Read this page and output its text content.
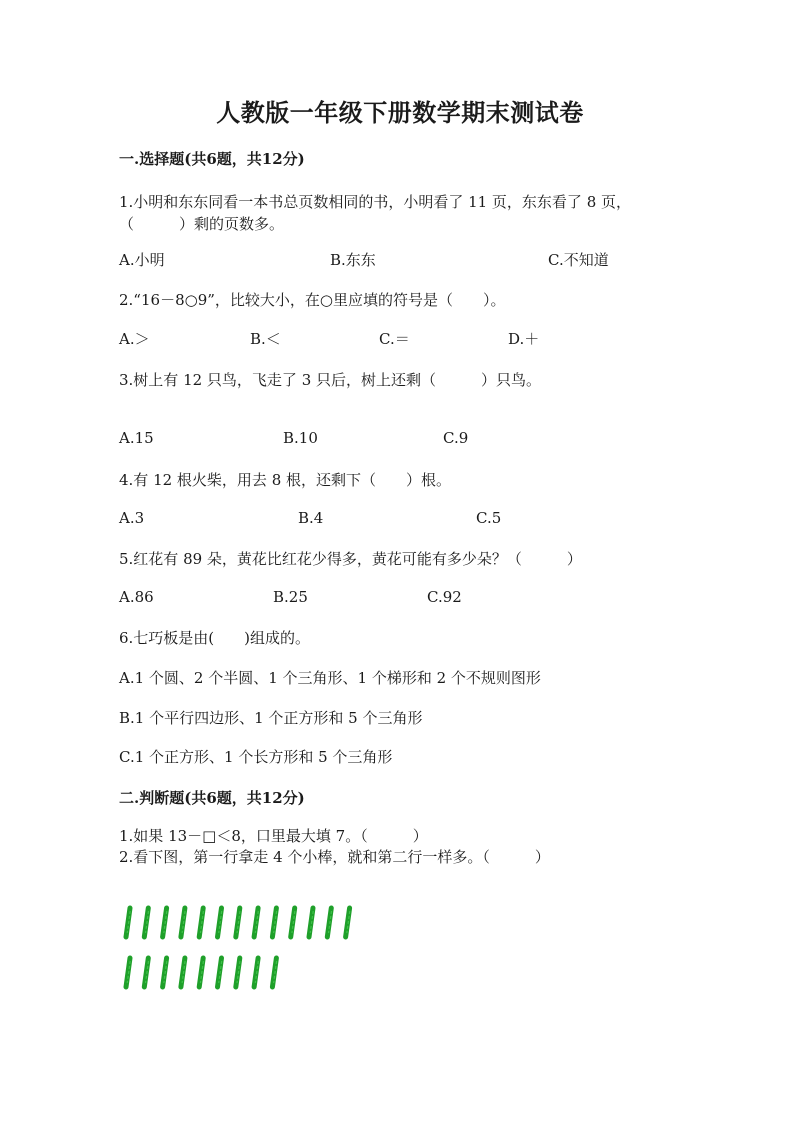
人教版一年级下册数学期末测试卷
一.选择题(共6题，共12分)
1.小明和东东同看一本书总页数相同的书，小明看了 11 页，东东看了 8 页，
（　　　）剩的页数多。
A.小明	B.东东	C.不知道
2.“16－8○9”，比较大小，在○里应填的符号是（　　）。
A.＞	B.＜	C.＝	D.＋
3.树上有 12 只鸟，飞走了 3 只后，树上还剩（　　　）只鸟。
A.15	B.10	C.9
4.有 12 根火柴，用去 8 根，还剩下（　　）根。
A.3	B.4	C.5
5.红花有 89 朵，黄花比红花少得多，黄花可能有多少朵？（　　　）
A.86	B.25	C.92
6.七巧板是由(　　)组成的。
A.1 个圆、2 个半圆、1 个三角形、1 个梯形和 2 个不规则图形
B.1 个平行四边形、1 个正方形和 5 个三角形
C.1 个正方形、1 个长方形和 5 个三角形
二.判断题(共6题，共12分)
1.如果 13－□＜8，口里最大填 7。（　　　）
2.看下图，第一行拿走 4 个小棒，就和第二行一样多。（　　　）
